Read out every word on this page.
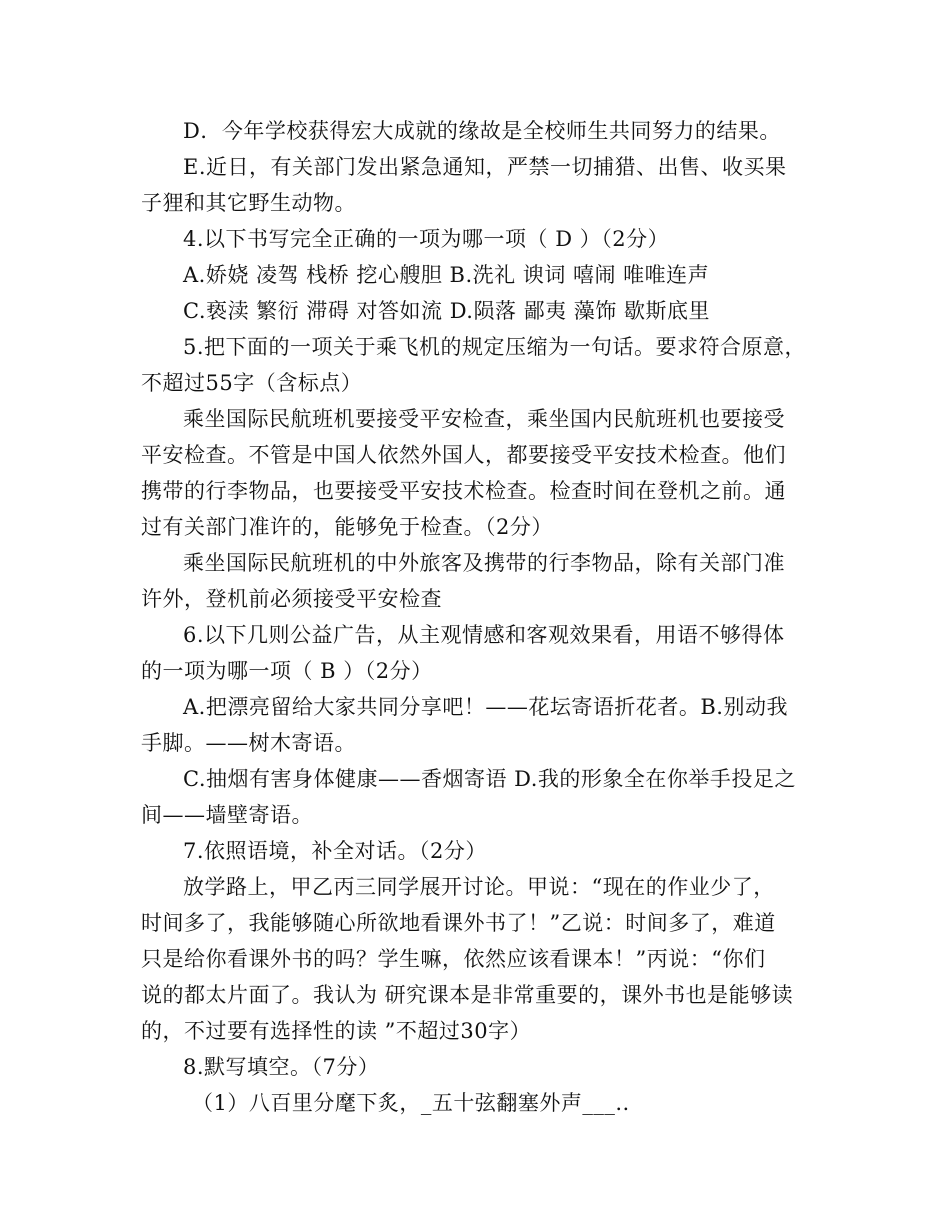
D．今年学校获得宏大成就的缘故是全校师生共同努力的结果。
E.近日，有关部门发出紧急通知，严禁一切捕猎、出售、收买果
子狸和其它野生动物。
4.以下书写完全正确的一项为哪一项（ D ）（2分）
A.娇娆 凌驾 栈桥 挖心艘胆 B.洗礼 谀词 嘻闹 唯唯连声
C.亵渎 繁衍 滞碍 对答如流 D.陨落 鄙夷 藻饰 歇斯底里
5.把下面的一项关于乘飞机的规定压缩为一句话。要求符合原意，
不超过55字（含标点）
乘坐国际民航班机要接受平安检查，乘坐国内民航班机也要接受
平安检查。不管是中国人依然外国人，都要接受平安技术检查。他们
携带的行李物品，也要接受平安技术检查。检查时间在登机之前。通
过有关部门准许的，能够免于检查。（2分）
乘坐国际民航班机的中外旅客及携带的行李物品，除有关部门准
许外，登机前必须接受平安检查
6.以下几则公益广告，从主观情感和客观效果看，用语不够得体
的一项为哪一项（ B ）（2分）
A.把漂亮留给大家共同分享吧！——花坛寄语折花者。B.别动我
手脚。——树木寄语。
C.抽烟有害身体健康——香烟寄语 D.我的形象全在你举手投足之
间——墙壁寄语。
7.依照语境，补全对话。（2分）
放学路上，甲乙丙三同学展开讨论。甲说：“现在的作业少了，
时间多了，我能够随心所欲地看课外书了！”乙说：时间多了，难道
只是给你看课外书的吗？学生嘛，依然应该看课本！”丙说：“你们
说的都太片面了。我认为 研究课本是非常重要的，课外书也是能够读
的，不过要有选择性的读 ”不超过30字）
8.默写填空。（7分）
（1）八百里分麾下炙，_五十弦翻塞外声___..
